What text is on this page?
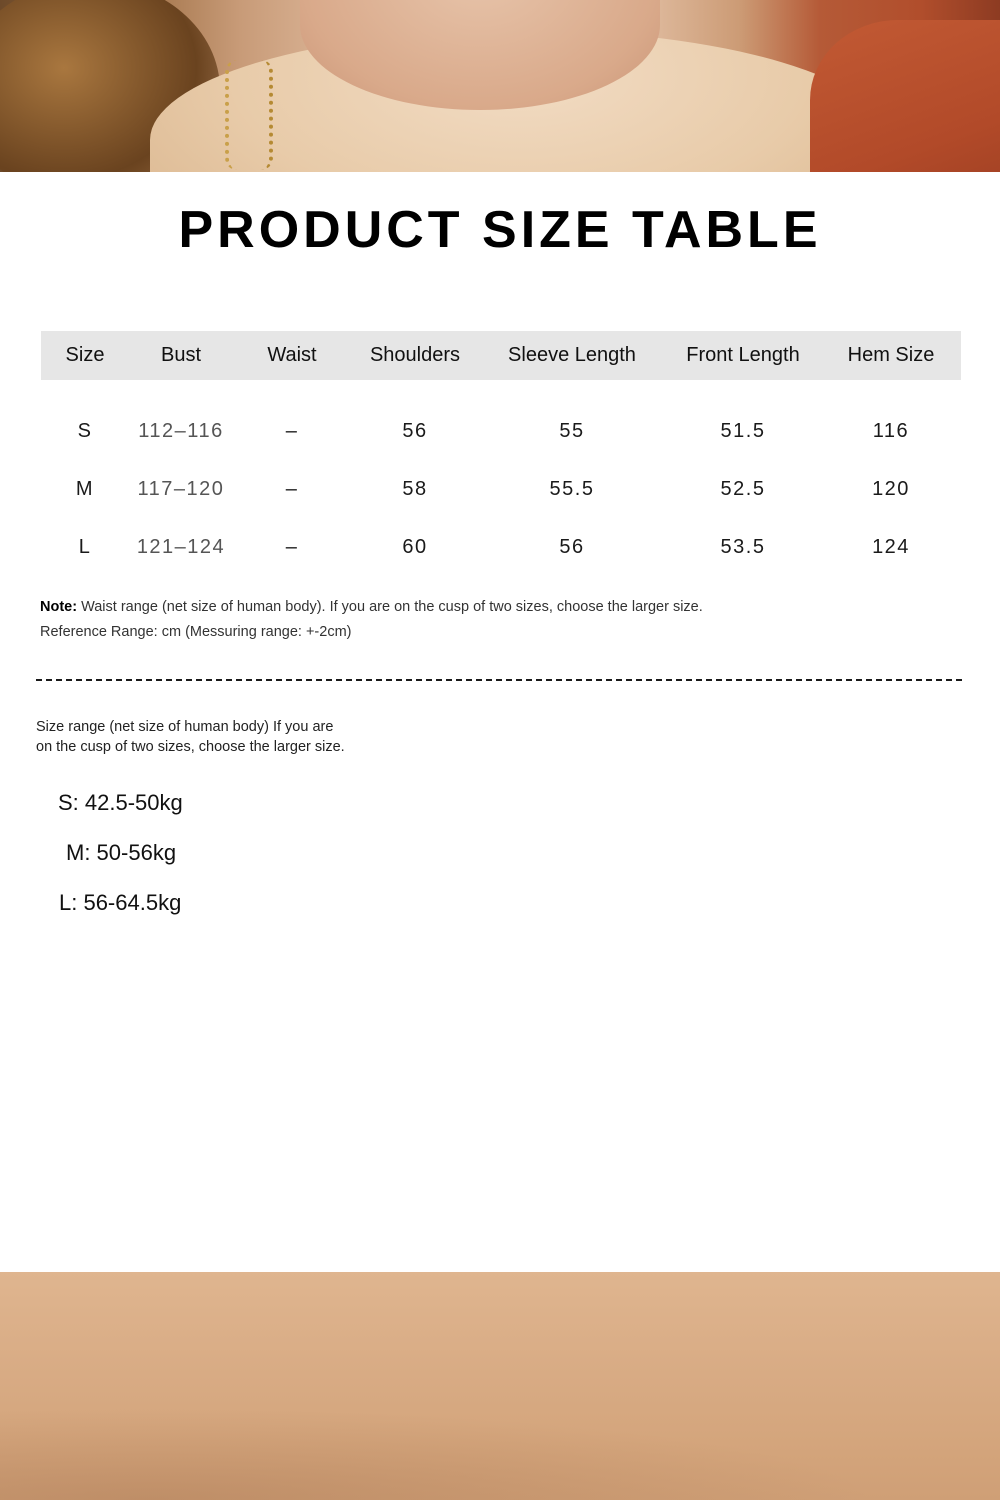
PRODUCT SIZE TABLE
Size	Bust	Waist	Shoulders	Sleeve Length	Front Length	Hem Size

S	112–116	–	56	55	51.5	116
M	117–120	–	58	55.5	52.5	120
L	121–124	–	60	56	53.5	124
Note: Waist range (net size of human body). If you are on the cusp of two sizes, choose the larger size.
Reference Range: cm (Messuring range: +-2cm)
Size range (net size of human body) If you are
on the cusp of two sizes, choose the larger size.
S: 42.5-50kg
M: 50-56kg
L: 56-64.5kg
